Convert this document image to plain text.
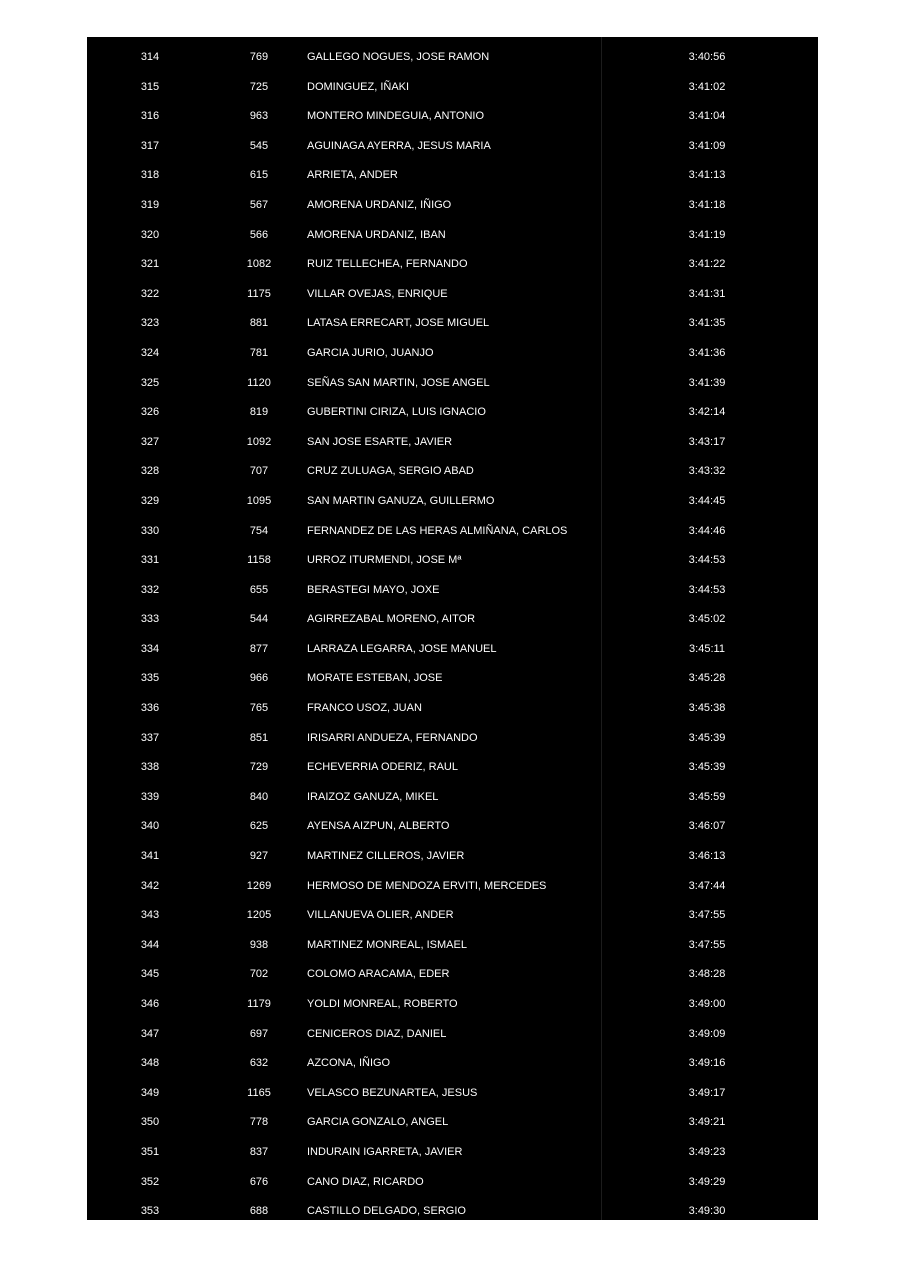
314	769	GALLEGO NOGUES, JOSE RAMON	3:40:56
315	725	DOMINGUEZ, IÑAKI	3:41:02
316	963	MONTERO MINDEGUIA, ANTONIO	3:41:04
317	545	AGUINAGA AYERRA, JESUS MARIA	3:41:09
318	615	ARRIETA, ANDER	3:41:13
319	567	AMORENA URDANIZ, IÑIGO	3:41:18
320	566	AMORENA URDANIZ, IBAN	3:41:19
321	1082	RUIZ TELLECHEA, FERNANDO	3:41:22
322	1175	VILLAR OVEJAS, ENRIQUE	3:41:31
323	881	LATASA ERRECART, JOSE MIGUEL	3:41:35
324	781	GARCIA JURIO, JUANJO	3:41:36
325	1120	SEÑAS SAN MARTIN, JOSE ANGEL	3:41:39
326	819	GUBERTINI CIRIZA, LUIS IGNACIO	3:42:14
327	1092	SAN JOSE ESARTE, JAVIER	3:43:17
328	707	CRUZ ZULUAGA, SERGIO ABAD	3:43:32
329	1095	SAN MARTIN GANUZA, GUILLERMO	3:44:45
330	754	FERNANDEZ DE LAS HERAS ALMIÑANA, CARLOS	3:44:46
331	1158	URROZ ITURMENDI, JOSE Mª	3:44:53
332	655	BERASTEGI MAYO, JOXE	3:44:53
333	544	AGIRREZABAL MORENO, AITOR	3:45:02
334	877	LARRAZA LEGARRA, JOSE MANUEL	3:45:11
335	966	MORATE ESTEBAN, JOSE	3:45:28
336	765	FRANCO USOZ, JUAN	3:45:38
337	851	IRISARRI ANDUEZA, FERNANDO	3:45:39
338	729	ECHEVERRIA ODERIZ, RAUL	3:45:39
339	840	IRAIZOZ GANUZA, MIKEL	3:45:59
340	625	AYENSA AIZPUN, ALBERTO	3:46:07
341	927	MARTINEZ CILLEROS, JAVIER	3:46:13
342	1269	HERMOSO DE MENDOZA ERVITI, MERCEDES	3:47:44
343	1205	VILLANUEVA OLIER, ANDER	3:47:55
344	938	MARTINEZ MONREAL, ISMAEL	3:47:55
345	702	COLOMO ARACAMA, EDER	3:48:28
346	1179	YOLDI MONREAL, ROBERTO	3:49:00
347	697	CENICEROS DIAZ, DANIEL	3:49:09
348	632	AZCONA, IÑIGO	3:49:16
349	1165	VELASCO BEZUNARTEA, JESUS	3:49:17
350	778	GARCIA GONZALO, ANGEL	3:49:21
351	837	INDURAIN IGARRETA, JAVIER	3:49:23
352	676	CANO DIAZ, RICARDO	3:49:29
353	688	CASTILLO DELGADO, SERGIO	3:49:30
